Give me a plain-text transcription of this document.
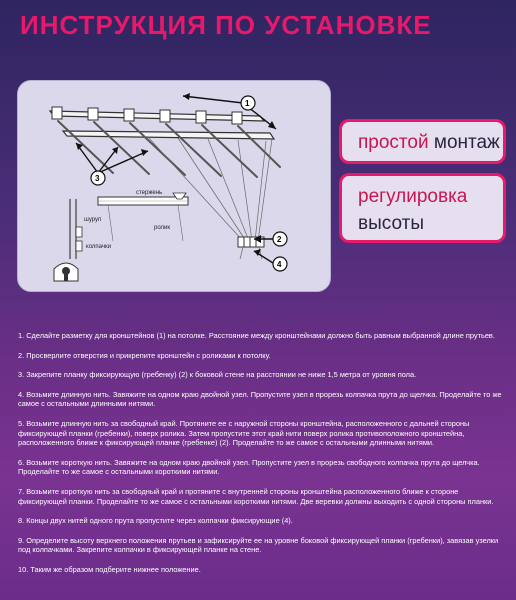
ИНСТРУКЦИЯ ПО УСТАНОВКЕ
стержень
ролик
шуруп
колпачки
1
2
3
4
простой монтаж
регулировка
высоты

1. Сделайте разметку для кронштейнов (1) на потолке. Расстояние между кронштейнами должно быть равным выбранной длине прутьев.

2. Просверлите отверстия и прикрепите кронштейн с роликами к потолку.

3. Закрепите планку фиксирующую (гребенку) (2) к боковой стене на расстоянии не ниже 1,5 метра от уровня пола.

4. Возьмите длинную нить. Завяжите на одном краю двойной узел. Пропустите узел в прорезь колпачка прута до щелчка. Проделайте то же самое с остальными длинными нитями.

5. Возьмите длинную нить за свободный край. Протяните ее с наружной стороны кронштейна, расположенного с дальней стороны фиксирующей планки (гребенки), поверх ролика. Затем пропустите этот край нити поверх ролика противоположного кронштейна, расположенного ближе к фиксирующей планке (гребенке) (2). Проделайте то же самое с остальными длинными нитями.

6. Возьмите короткую нить. Завяжите на одном краю двойной узел. Пропустите узел в прорезь свободного колпачка прута до щелчка. Проделайте то же самое с остальными короткими нитями.

7. Возьмите короткую нить за свободный край и протяните с внутренней стороны кронштейна расположенного ближе к стороне фиксирующей планки. Проделайте то же самое с остальными короткими нитями. Две веревки должны выходить с одной стороны планки.

8. Концы двух нитей одного прута пропустите через колпачки фиксирующие (4).

9. Определите высоту верхнего положения прутьев и зафиксируйте ее на уровне боковой фиксирующей планки (гребенки), завязав узелки под колпачками. Закрепите колпачки в фиксирующей планке на стене.

10. Таким же образом подберите нижнее положение.
